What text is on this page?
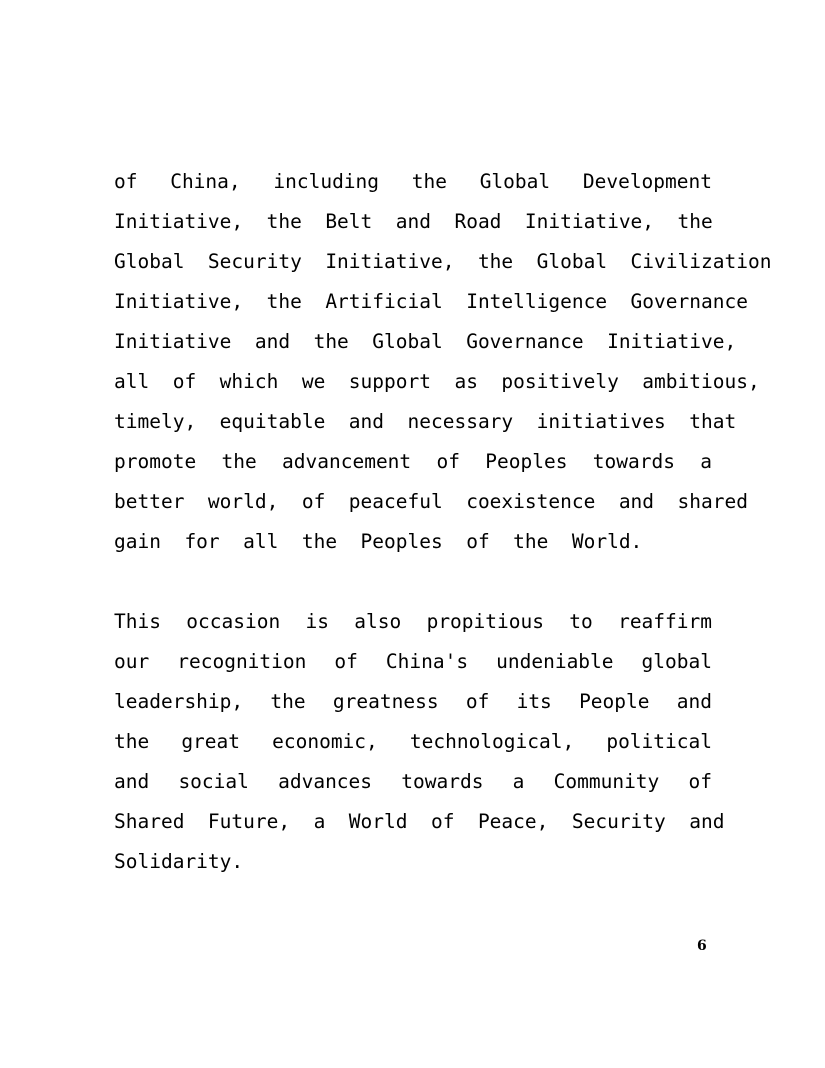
of  China,  including  the  Global  Development
Initiative,  the  Belt  and  Road  Initiative,  the
Global  Security  Initiative,  the  Global  Civilization
Initiative,  the  Artificial  Intelligence  Governance
Initiative  and  the  Global  Governance  Initiative,
all  of  which  we  support  as  positively  ambitious,
timely,  equitable  and  necessary  initiatives  that
promote  the  advancement  of  Peoples  towards  a
better  world,  of  peaceful  coexistence  and  shared
gain  for  all  the  Peoples  of  the  World.
This  occasion  is  also  propitious  to  reaffirm
our  recognition  of  China's  undeniable  global
leadership,  the  greatness  of  its  People  and
the  great  economic,  technological,  political
and  social  advances  towards  a  Community  of
Shared  Future,  a  World  of  Peace,  Security  and
Solidarity.
6
